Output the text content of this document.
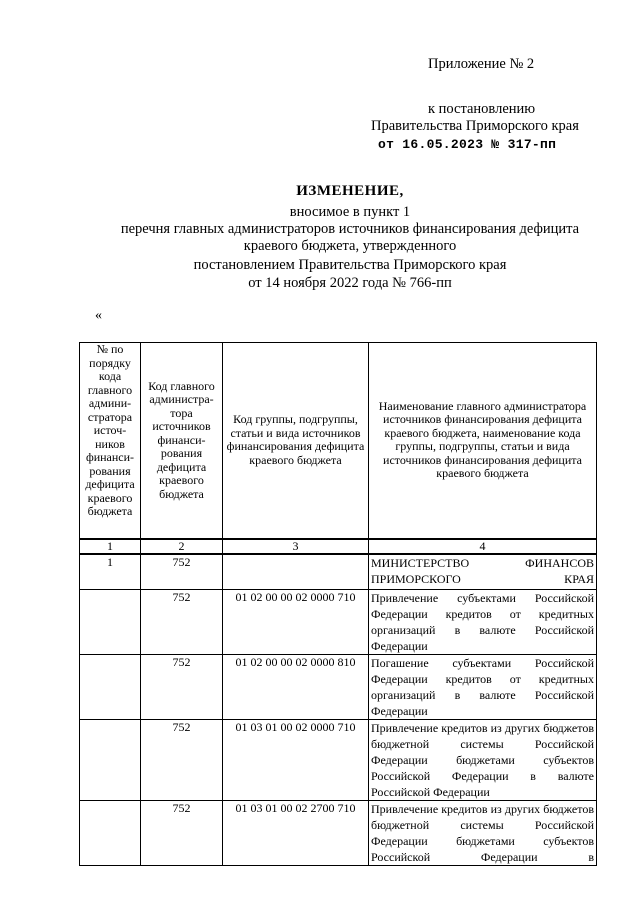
Приложение № 2
к постановлению
Правительства Приморского края
от 16.05.2023 № 317-пп
ИЗМЕНЕНИЕ,
вносимое в пункт 1
перечня главных администраторов источников финансирования дефицита
краевого бюджета, утвержденного
постановлением Правительства Приморского края
от 14 ноября 2022 года № 766-пп
«
№ по порядку кода главного админи-стратора источ-ников финанси-рования дефицита краевого бюджета	Код главного администра-тора источников финанси-рования дефицита краевого бюджета	Код группы, подгруппы, статьи и вида источников финансирования дефицита краевого бюджета	Наименование главного администратора источников финансирования дефицита краевого бюджета, наименование кода группы, подгруппы, статьи и вида источников финансирования дефицита краевого бюджета
1	2	3	4
1	752		МИНИСТЕРСТВО ФИНАНСОВ ПРИМОРСКОГО КРАЯ
	752	01 02 00 00 02 0000 710	Привлечение субъектами Российской Федерации кредитов от кредитных организаций в валюте Российской Федерации
	752	01 02 00 00 02 0000 810	Погашение субъектами Российской Федерации кредитов от кредитных организаций в валюте Российской Федерации
	752	01 03 01 00 02 0000 710	Привлечение кредитов из других бюджетов бюджетной системы Российской Федерации бюджетами субъектов Российской Федерации в валюте Российской Федерации
	752	01 03 01 00 02 2700 710	Привлечение кредитов из других бюджетов бюджетной системы Российской Федерации бюджетами субъектов Российской Федерации в
